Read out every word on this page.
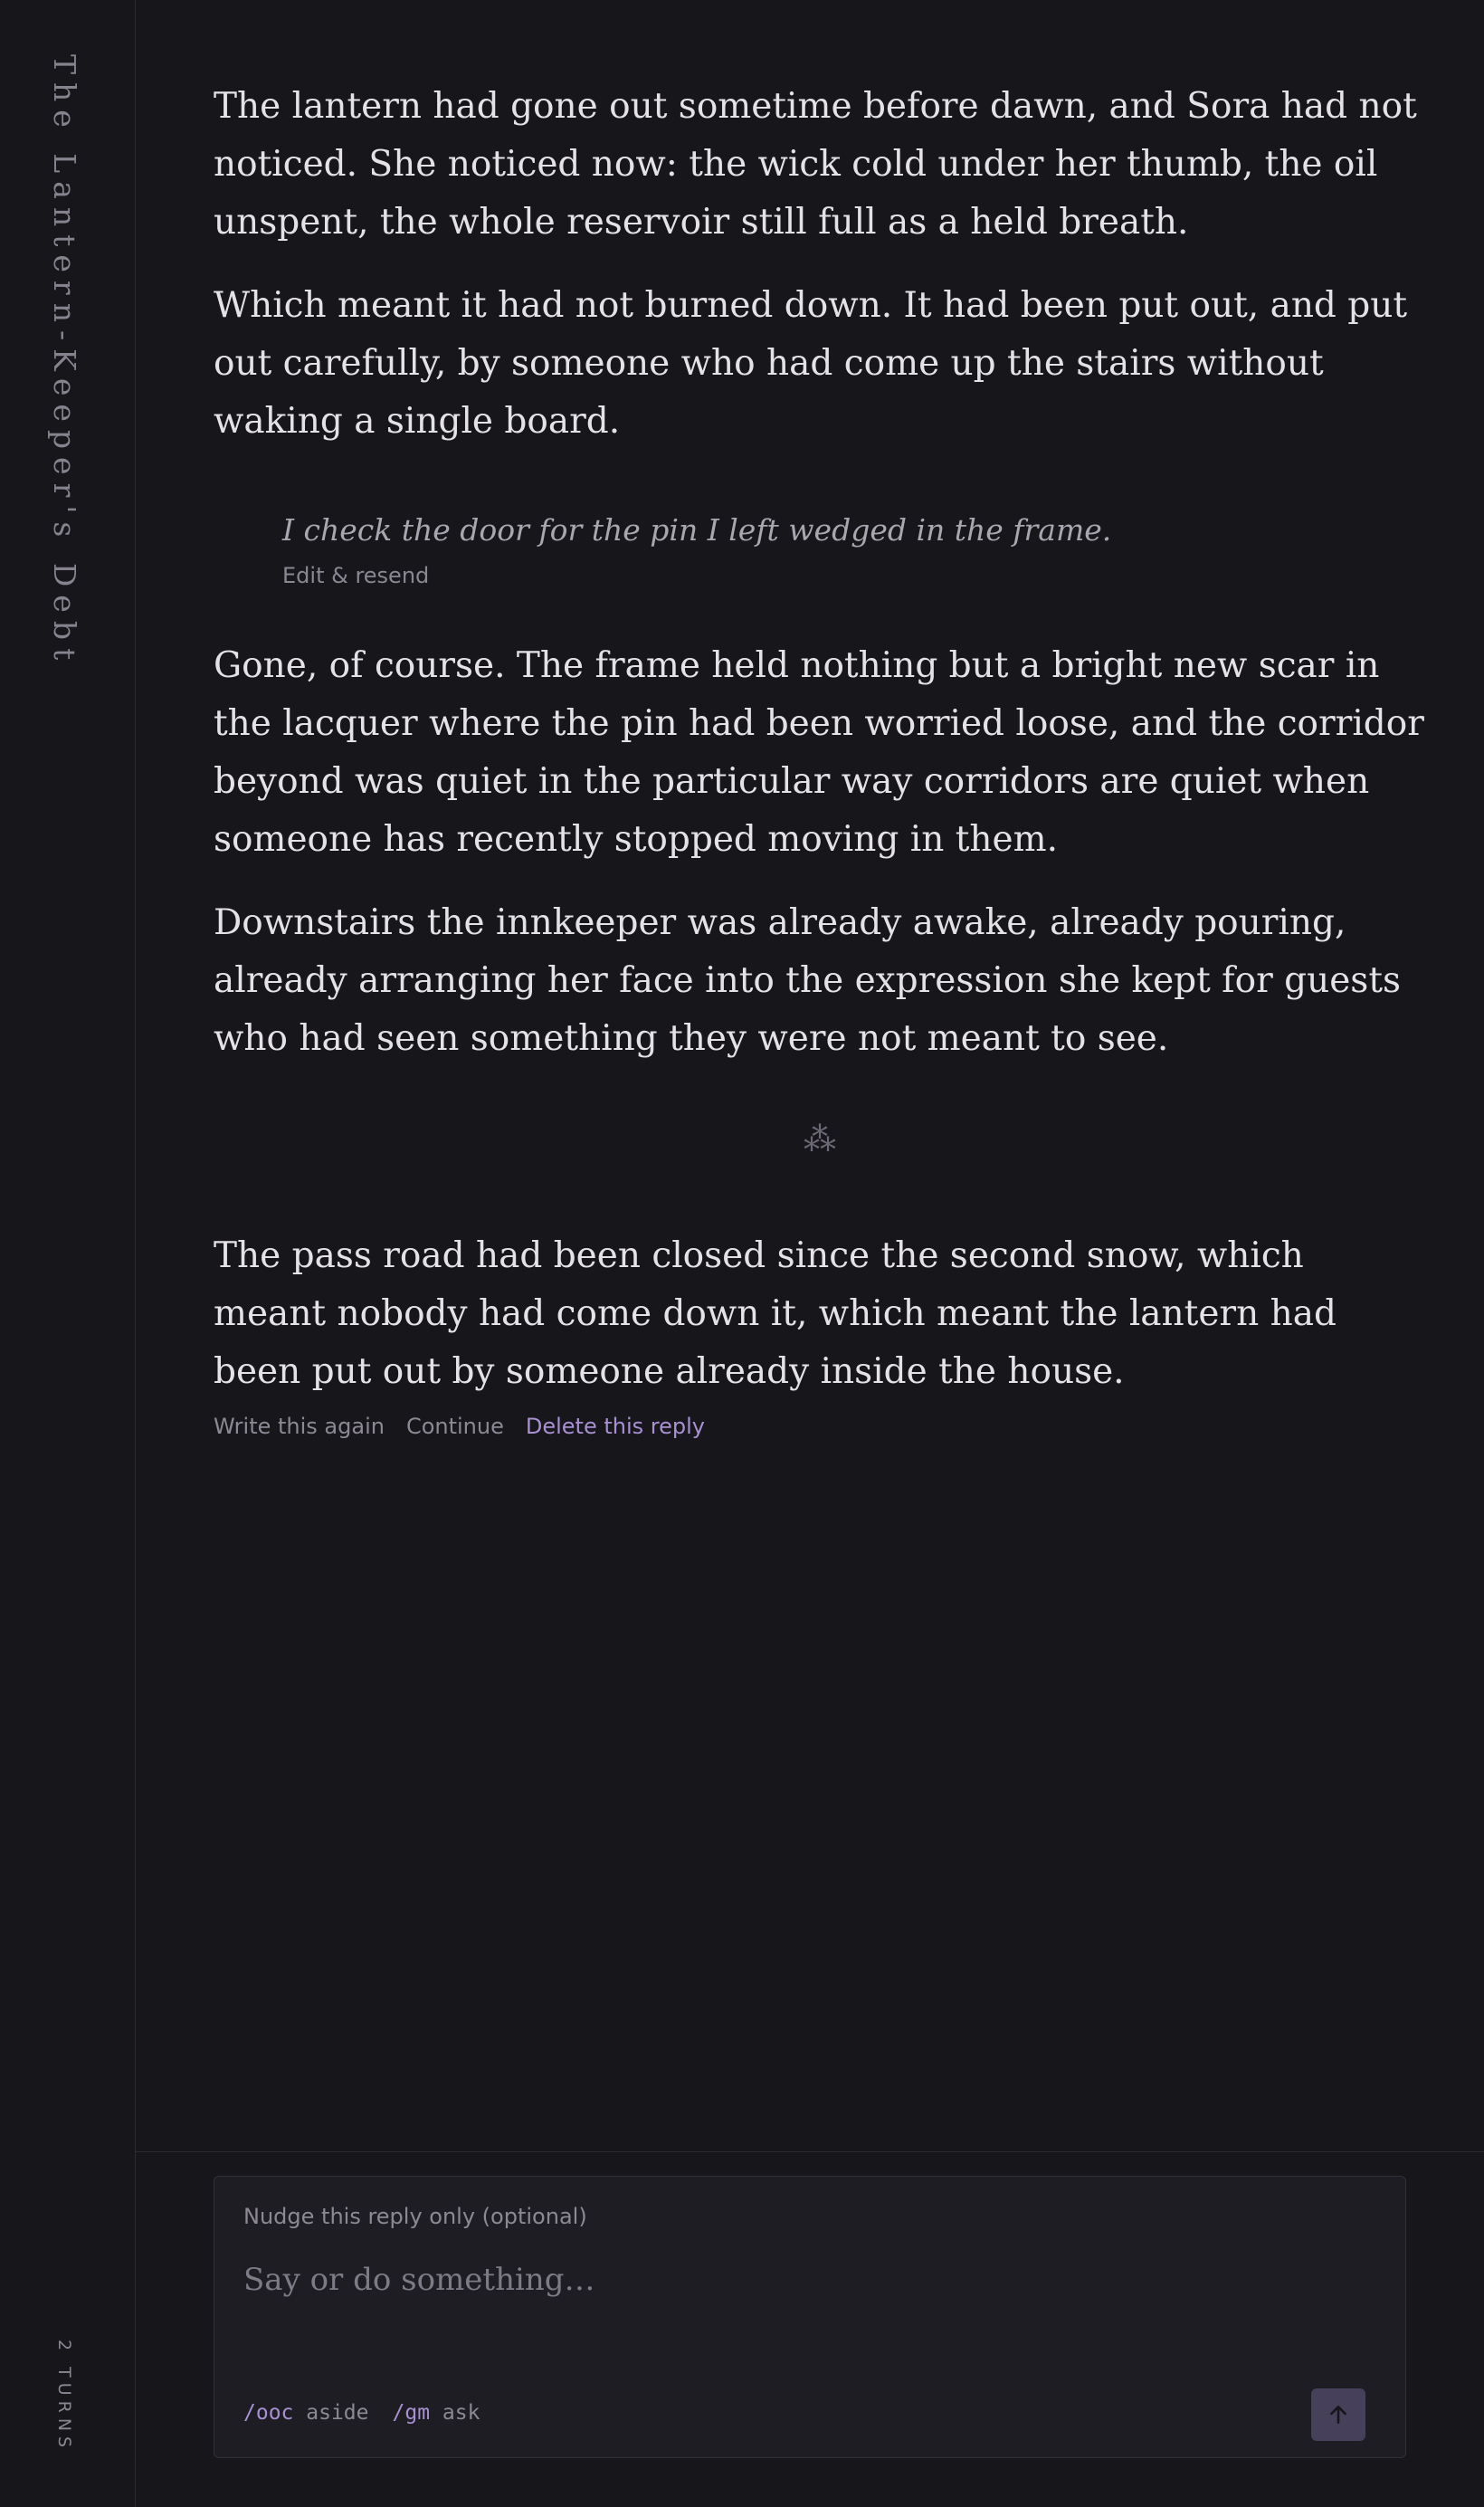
The Lantern-Keeper's Debt
2 TURNS

The lantern had gone out sometime before dawn, and Sora had not noticed. She noticed now: the wick cold under her thumb, the oil unspent, the whole reservoir still full as a held breath.

Which meant it had not burned down. It had been put out, and put out carefully, by someone who had come up the stairs without waking a single board.

I check the door for the pin I left wedged in the frame.
Edit & resend

Gone, of course. The frame held nothing but a bright new scar in the lacquer where the pin had been worried loose, and the corridor beyond was quiet in the particular way corridors are quiet when someone has recently stopped moving in them.

Downstairs the innkeeper was already awake, already pouring, already arranging her face into the expression she kept for guests who had seen something they were not meant to see.

⁂

The pass road had been closed since the second snow, which meant nobody had come down it, which meant the lantern had been put out by someone already inside the house.

Write this again Continue Delete this reply
Nudge this reply only (optional)
Say or do something…
/ooc aside /gm ask
